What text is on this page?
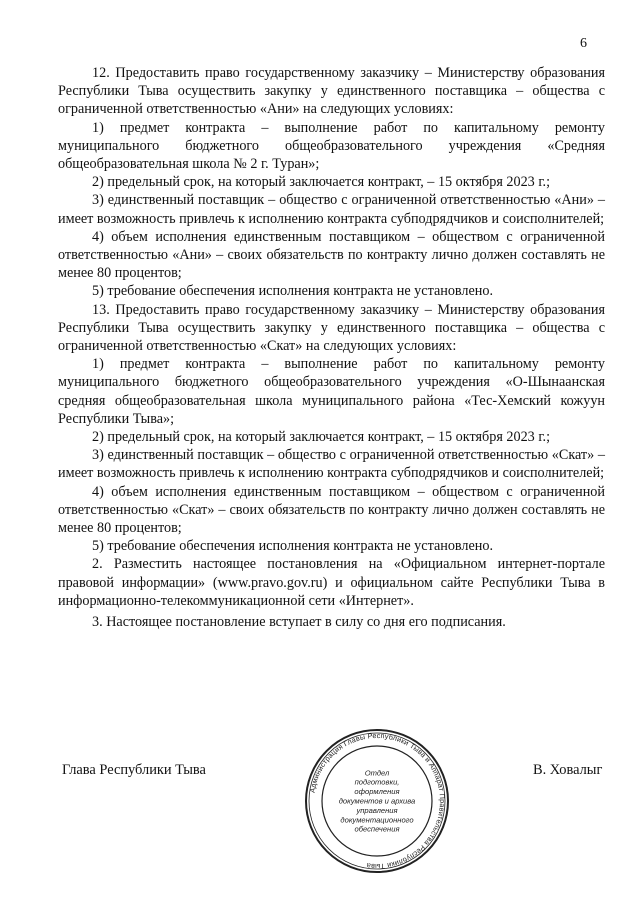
6

12. Предоставить право государственному заказчику – Министерству образования Республики Тыва осуществить закупку у единственного поставщика – общества с ограниченной ответственностью «Ани» на следующих условиях:

1) предмет контракта – выполнение работ по капитальному ремонту муниципального бюджетного общеобразовательного учреждения «Средняя общеобразовательная школа № 2 г. Туран»;

2) предельный срок, на который заключается контракт, – 15 октября 2023 г.;

3) единственный поставщик – общество с ограниченной ответственностью «Ани» – имеет возможность привлечь к исполнению контракта субподрядчиков и соисполнителей;

4) объем исполнения единственным поставщиком – обществом с ограниченной ответственностью «Ани» – своих обязательств по контракту лично должен составлять не менее 80 процентов;

5) требование обеспечения исполнения контракта не установлено.

13. Предоставить право государственному заказчику – Министерству образования Республики Тыва осуществить закупку у единственного поставщика – общества с ограниченной ответственностью «Скат» на следующих условиях:

1) предмет контракта – выполнение работ по капитальному ремонту муниципального бюджетного общеобразовательного учреждения «О-Шынаанская средняя общеобразовательная школа муниципального района «Тес-Хемский кожуун Республики Тыва»;

2) предельный срок, на который заключается контракт, – 15 октября 2023 г.;

3) единственный поставщик – общество с ограниченной ответственностью «Скат» – имеет возможность привлечь к исполнению контракта субподрядчиков и соисполнителей;

4) объем исполнения единственным поставщиком – обществом с ограниченной ответственностью «Скат» – своих обязательств по контракту лично должен составлять не менее 80 процентов;

5) требование обеспечения исполнения контракта не установлено.

2. Разместить настоящее постановления на «Официальном интернет-портале правовой информации» (www.pravo.gov.ru) и официальном сайте Республики Тыва в информационно-телекоммуникационной сети «Интернет».

3. Настоящее постановление вступает в силу со дня его подписания.

Глава Республики Тыва	В. Ховалыг
Администрация Главы Республики Тыва и Аппарат Правительства Республики Тыва
Отдел
подготовки,
оформления
документов и архива
управления
документационного
обеспечения
